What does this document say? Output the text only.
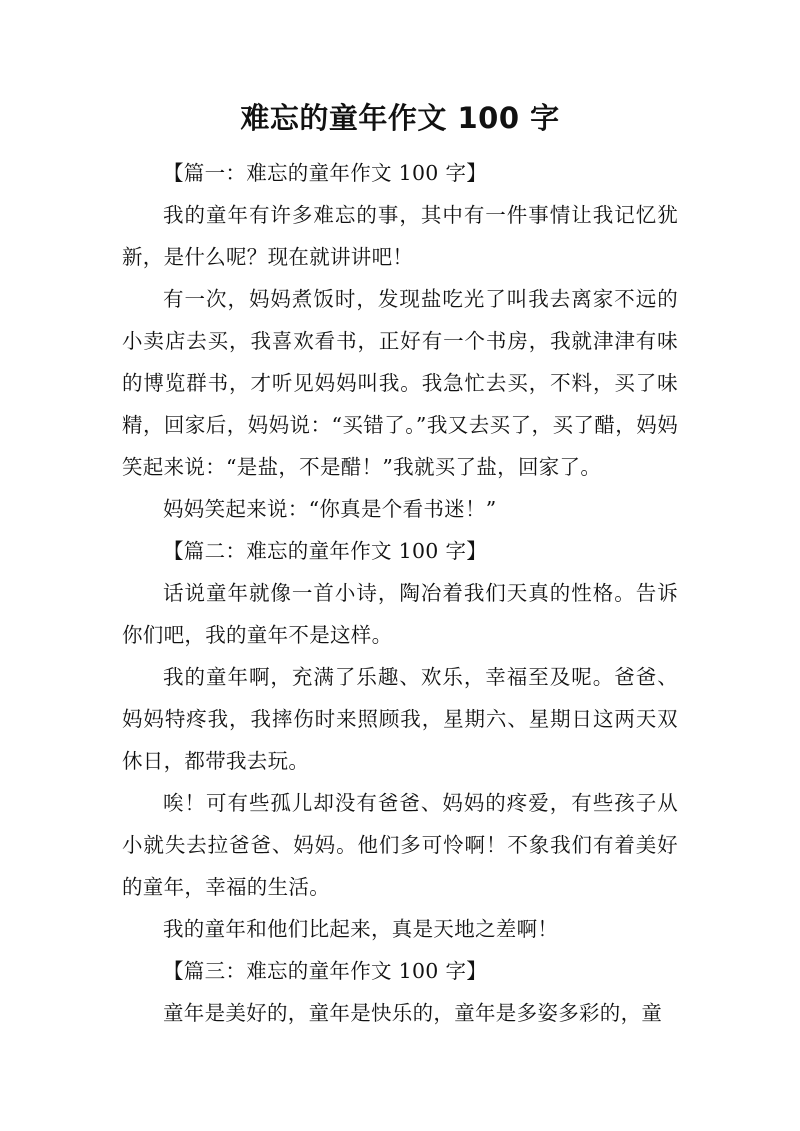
难忘的童年作文 100 字

【篇一：难忘的童年作文 100 字】

我的童年有许多难忘的事，其中有一件事情让我记忆犹新，是什么呢？现在就讲讲吧！

有一次，妈妈煮饭时，发现盐吃光了叫我去离家不远的小卖店去买，我喜欢看书，正好有一个书房，我就津津有味的博览群书，才听见妈妈叫我。我急忙去买，不料，买了味精，回家后，妈妈说：“买错了。”我又去买了，买了醋，妈妈笑起来说：“是盐，不是醋！”我就买了盐，回家了。

妈妈笑起来说：“你真是个看书迷！”

【篇二：难忘的童年作文 100 字】

话说童年就像一首小诗，陶冶着我们天真的性格。告诉你们吧，我的童年不是这样。

我的童年啊，充满了乐趣、欢乐，幸福至及呢。爸爸、妈妈特疼我，我摔伤时来照顾我，星期六、星期日这两天双休日，都带我去玩。

唉！可有些孤儿却没有爸爸、妈妈的疼爱，有些孩子从小就失去拉爸爸、妈妈。他们多可怜啊！不象我们有着美好的童年，幸福的生活。

我的童年和他们比起来，真是天地之差啊！

【篇三：难忘的童年作文 100 字】

童年是美好的，童年是快乐的，童年是多姿多彩的，童
